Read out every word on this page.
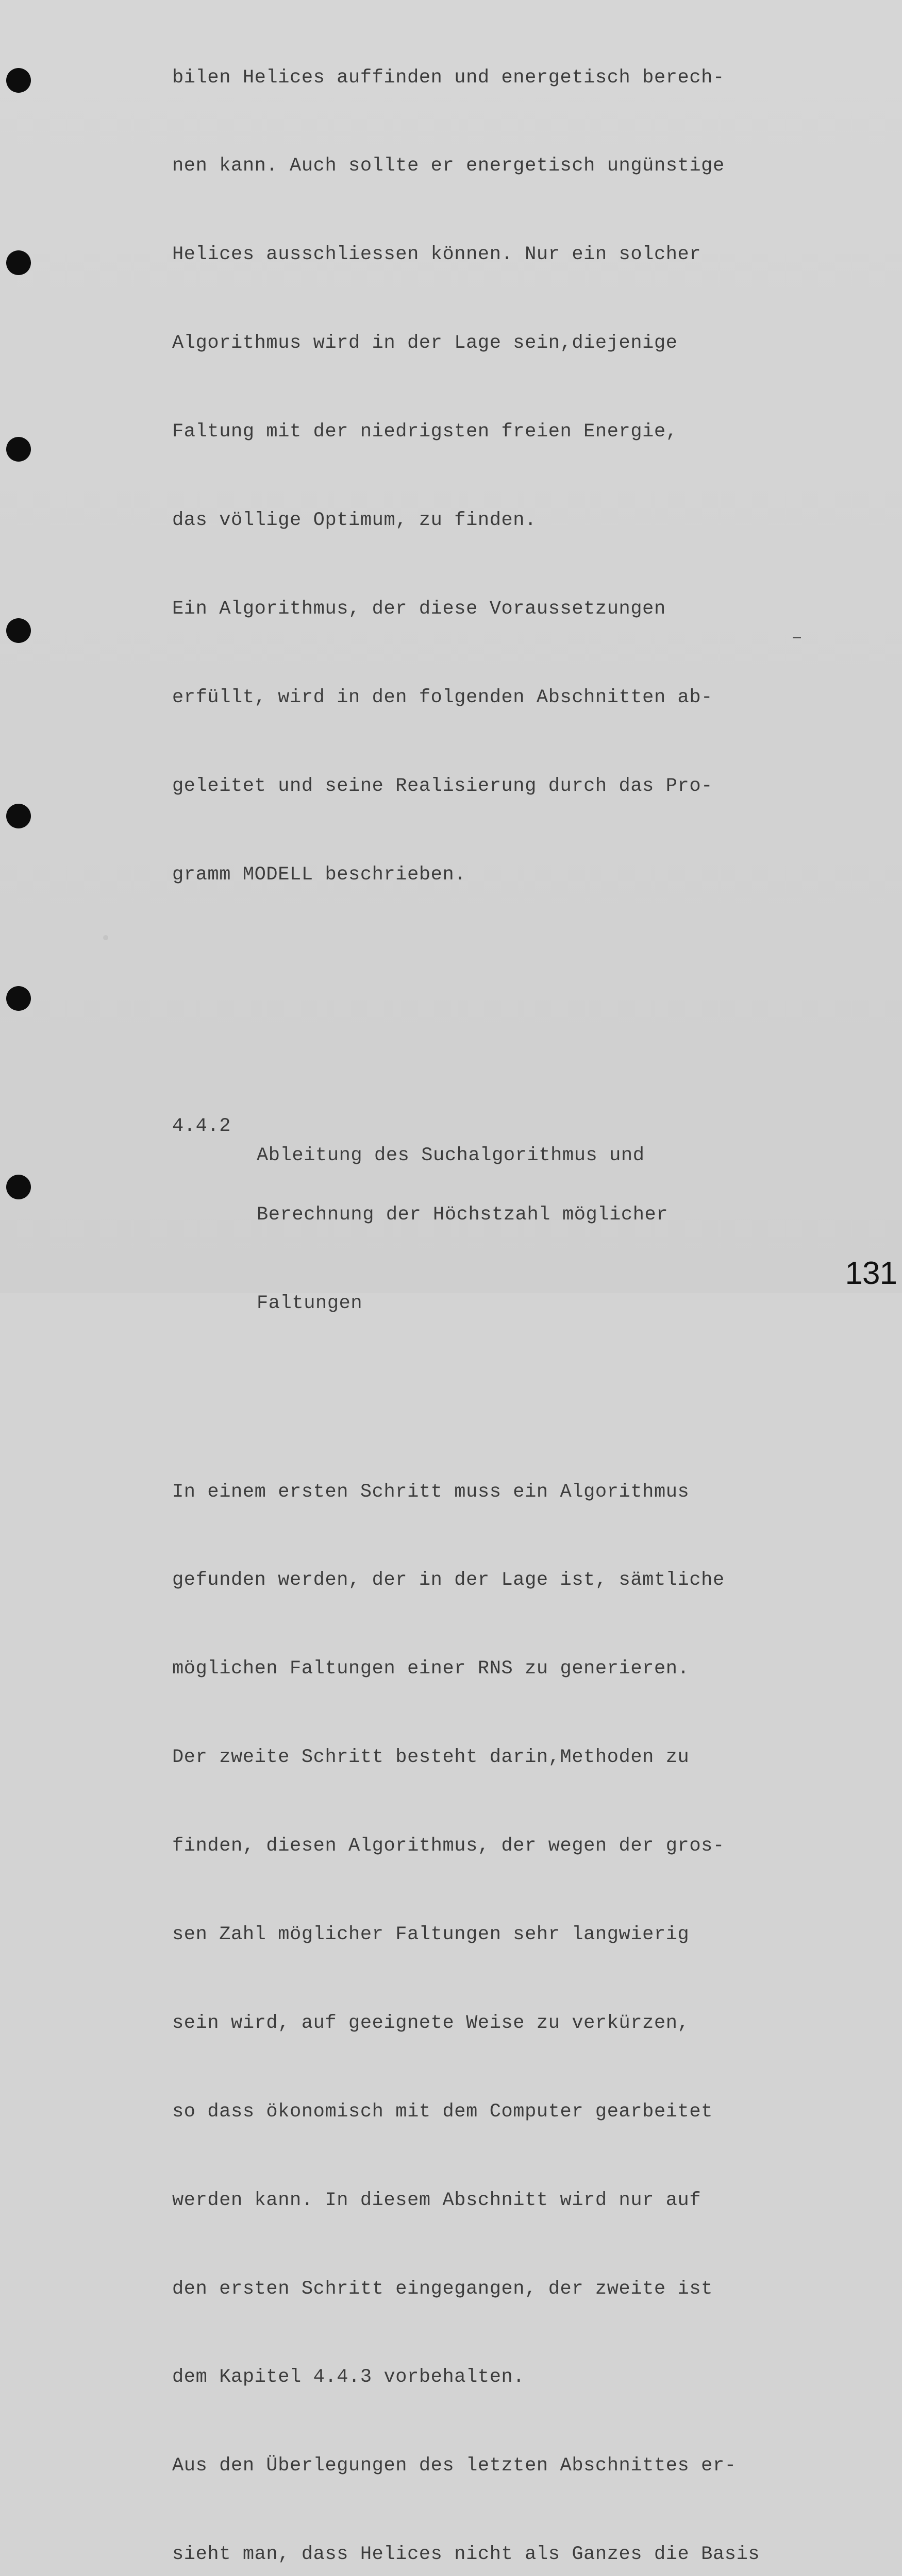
bilen Helices auffinden und energetisch berech-

nen kann. Auch sollte er energetisch ungünstige

Helices ausschliessen können. Nur ein solcher

Algorithmus wird in der Lage sein,diejenige

Faltung mit der niedrigsten freien Energie,

das völlige Optimum, zu finden.

Ein Algorithmus, der diese Voraussetzungen

erfüllt, wird in den folgenden Abschnitten ab-

geleitet und seine Realisierung durch das Pro-

gramm MODELL beschrieben.

4.4.2

Ableitung des Suchalgorithmus und

Berechnung der Höchstzahl möglicher

Faltungen

In einem ersten Schritt muss ein Algorithmus

gefunden werden, der in der Lage ist, sämtliche

möglichen Faltungen einer RNS zu generieren.

Der zweite Schritt besteht darin,Methoden zu

finden, diesen Algorithmus, der wegen der gros-

sen Zahl möglicher Faltungen sehr langwierig

sein wird, auf geeignete Weise zu verkürzen,

so dass ökonomisch mit dem Computer gearbeitet

werden kann. In diesem Abschnitt wird nur auf

den ersten Schritt eingegangen, der zweite ist

dem Kapitel 4.4.3 vorbehalten.

Aus den Überlegungen des letzten Abschnittes er-

sieht man, dass Helices nicht als Ganzes die Basis

131
